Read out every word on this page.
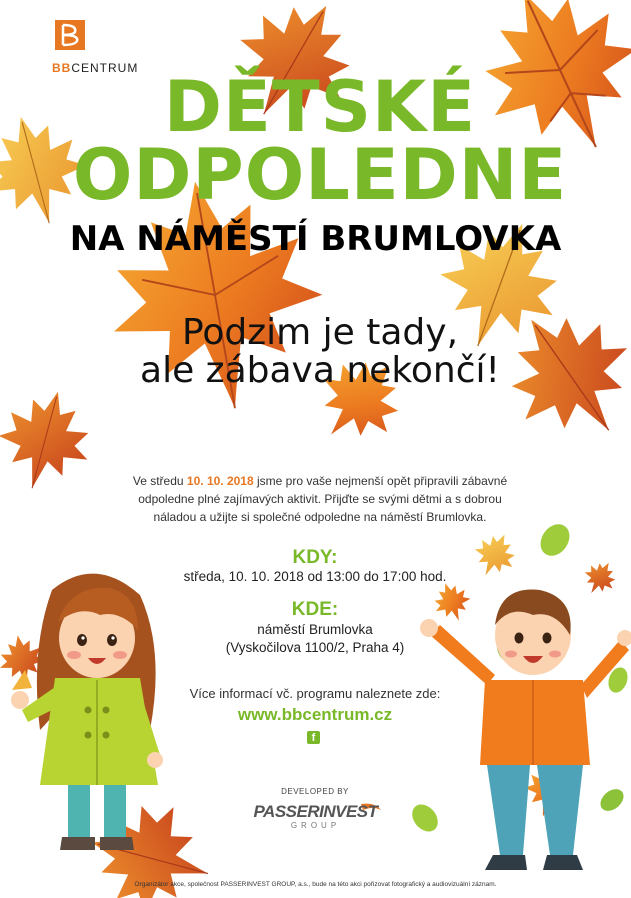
BBCENTRUM DĚTSKÉ
ODPOLEDNE
NA NÁMĚSTÍ BRUMLOVKA
Podzim je tady,
ale zábava nekončí!
Ve středu 10. 10. 2018 jsme pro vaše nejmenší opět připravili zábavné odpoledne plné zajímavých aktivit. Přijďte se svými dětmi a s dobrou náladou a užijte si společné odpoledne na náměstí Brumlovka.
KDY:
středa, 10. 10. 2018 od 13:00 do 17:00 hod.
KDE:
náměstí Brumlovka
(Vyskočilova 1100/2, Praha 4)
Více informací vč. programu naleznete zde:
www.bbcentrum.cz
f
DEVELOPED BY
PASSERINVEST
GROUP
Organizátor akce, společnost PASSERINVEST GROUP, a.s., bude na této akci pořizovat fotografický a audiovizuální záznam.
